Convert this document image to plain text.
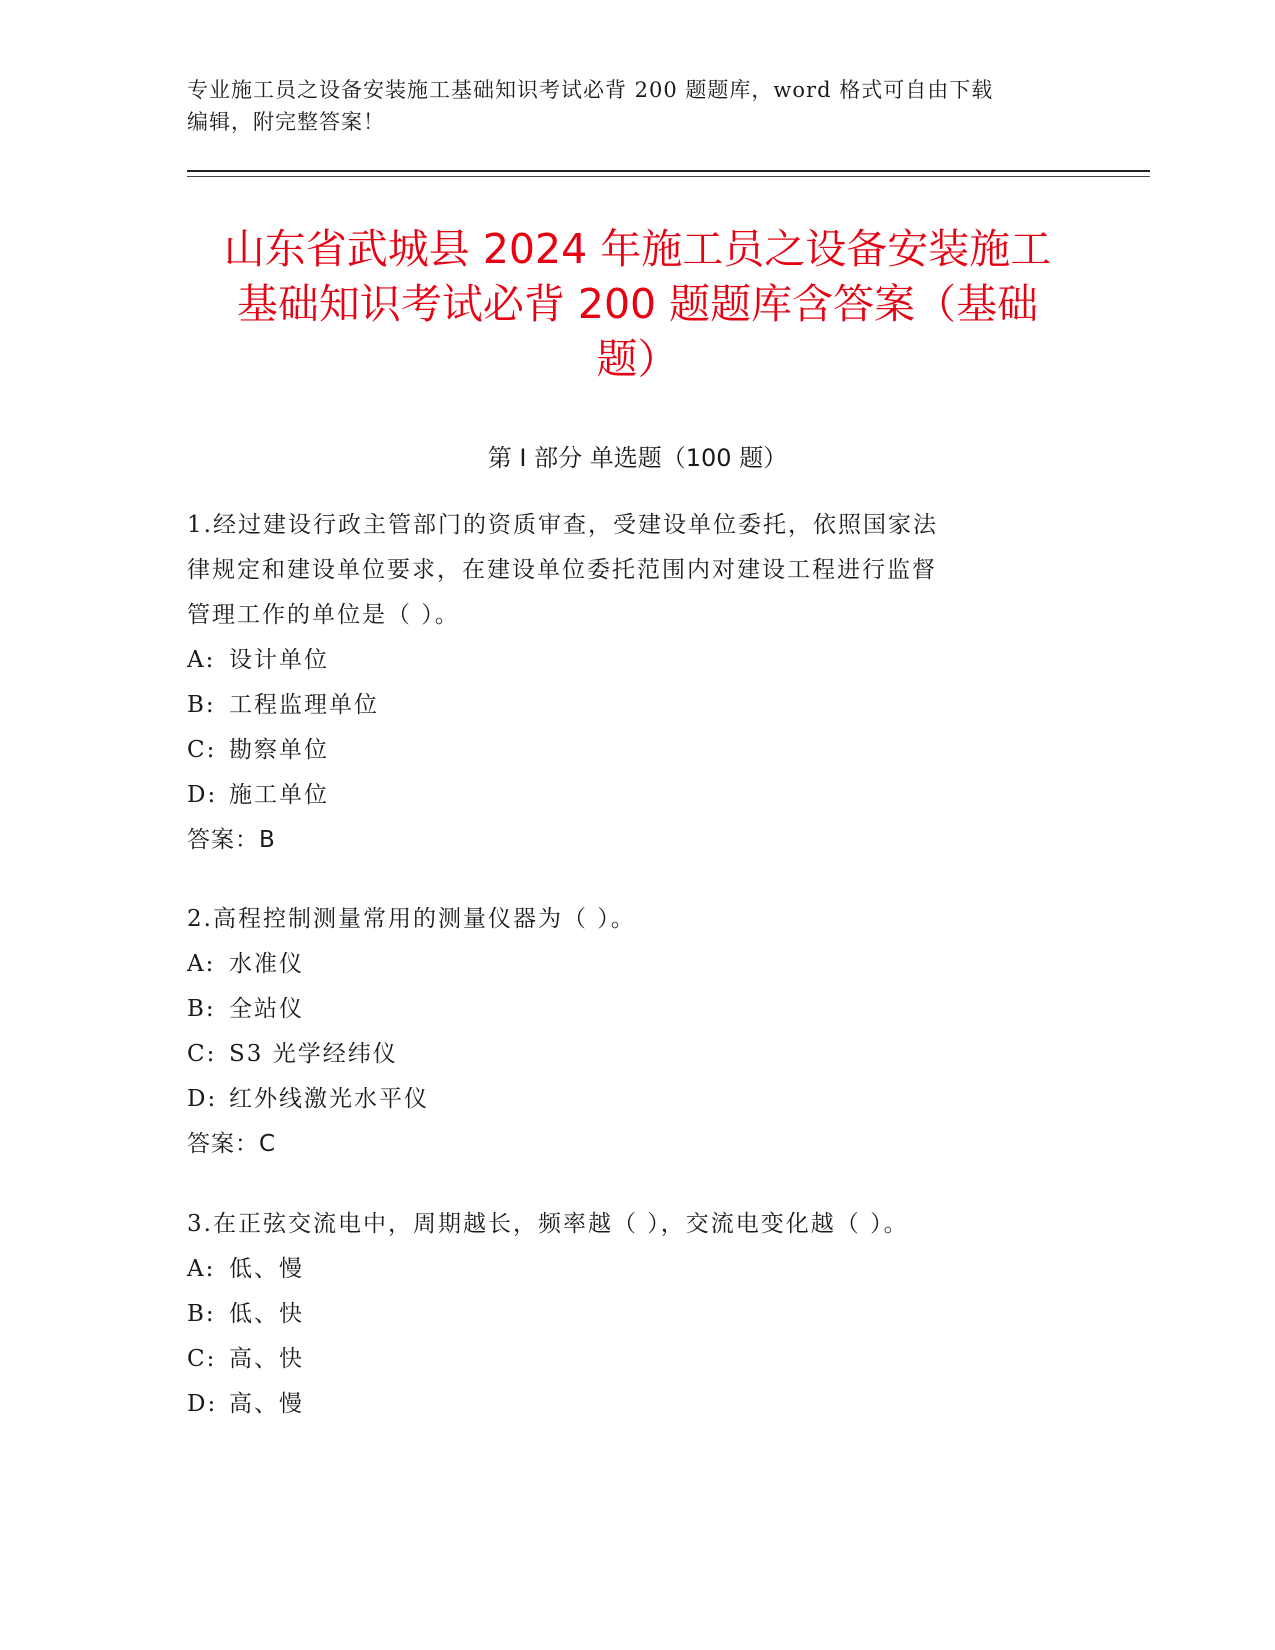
专业施工员之设备安装施工基础知识考试必背 200 题题库，word 格式可自由下载
编辑，附完整答案！
山东省武城县 2024 年施工员之设备安装施工
基础知识考试必背 200 题题库含答案（基础
题）
第 I 部分 单选题（100 题）
1.经过建设行政主管部门的资质审查，受建设单位委托，依照国家法
律规定和建设单位要求，在建设单位委托范围内对建设工程进行监督
管理工作的单位是（ ）。
A: 设计单位
B: 工程监理单位
C: 勘察单位
D: 施工单位
答案：B
2.高程控制测量常用的测量仪器为（ ）。
A: 水准仪
B: 全站仪
C: S3 光学经纬仪
D: 红外线激光水平仪
答案：C
3.在正弦交流电中，周期越长，频率越（ ），交流电变化越（ ）。
A: 低、慢
B: 低、快
C: 高、快
D: 高、慢
